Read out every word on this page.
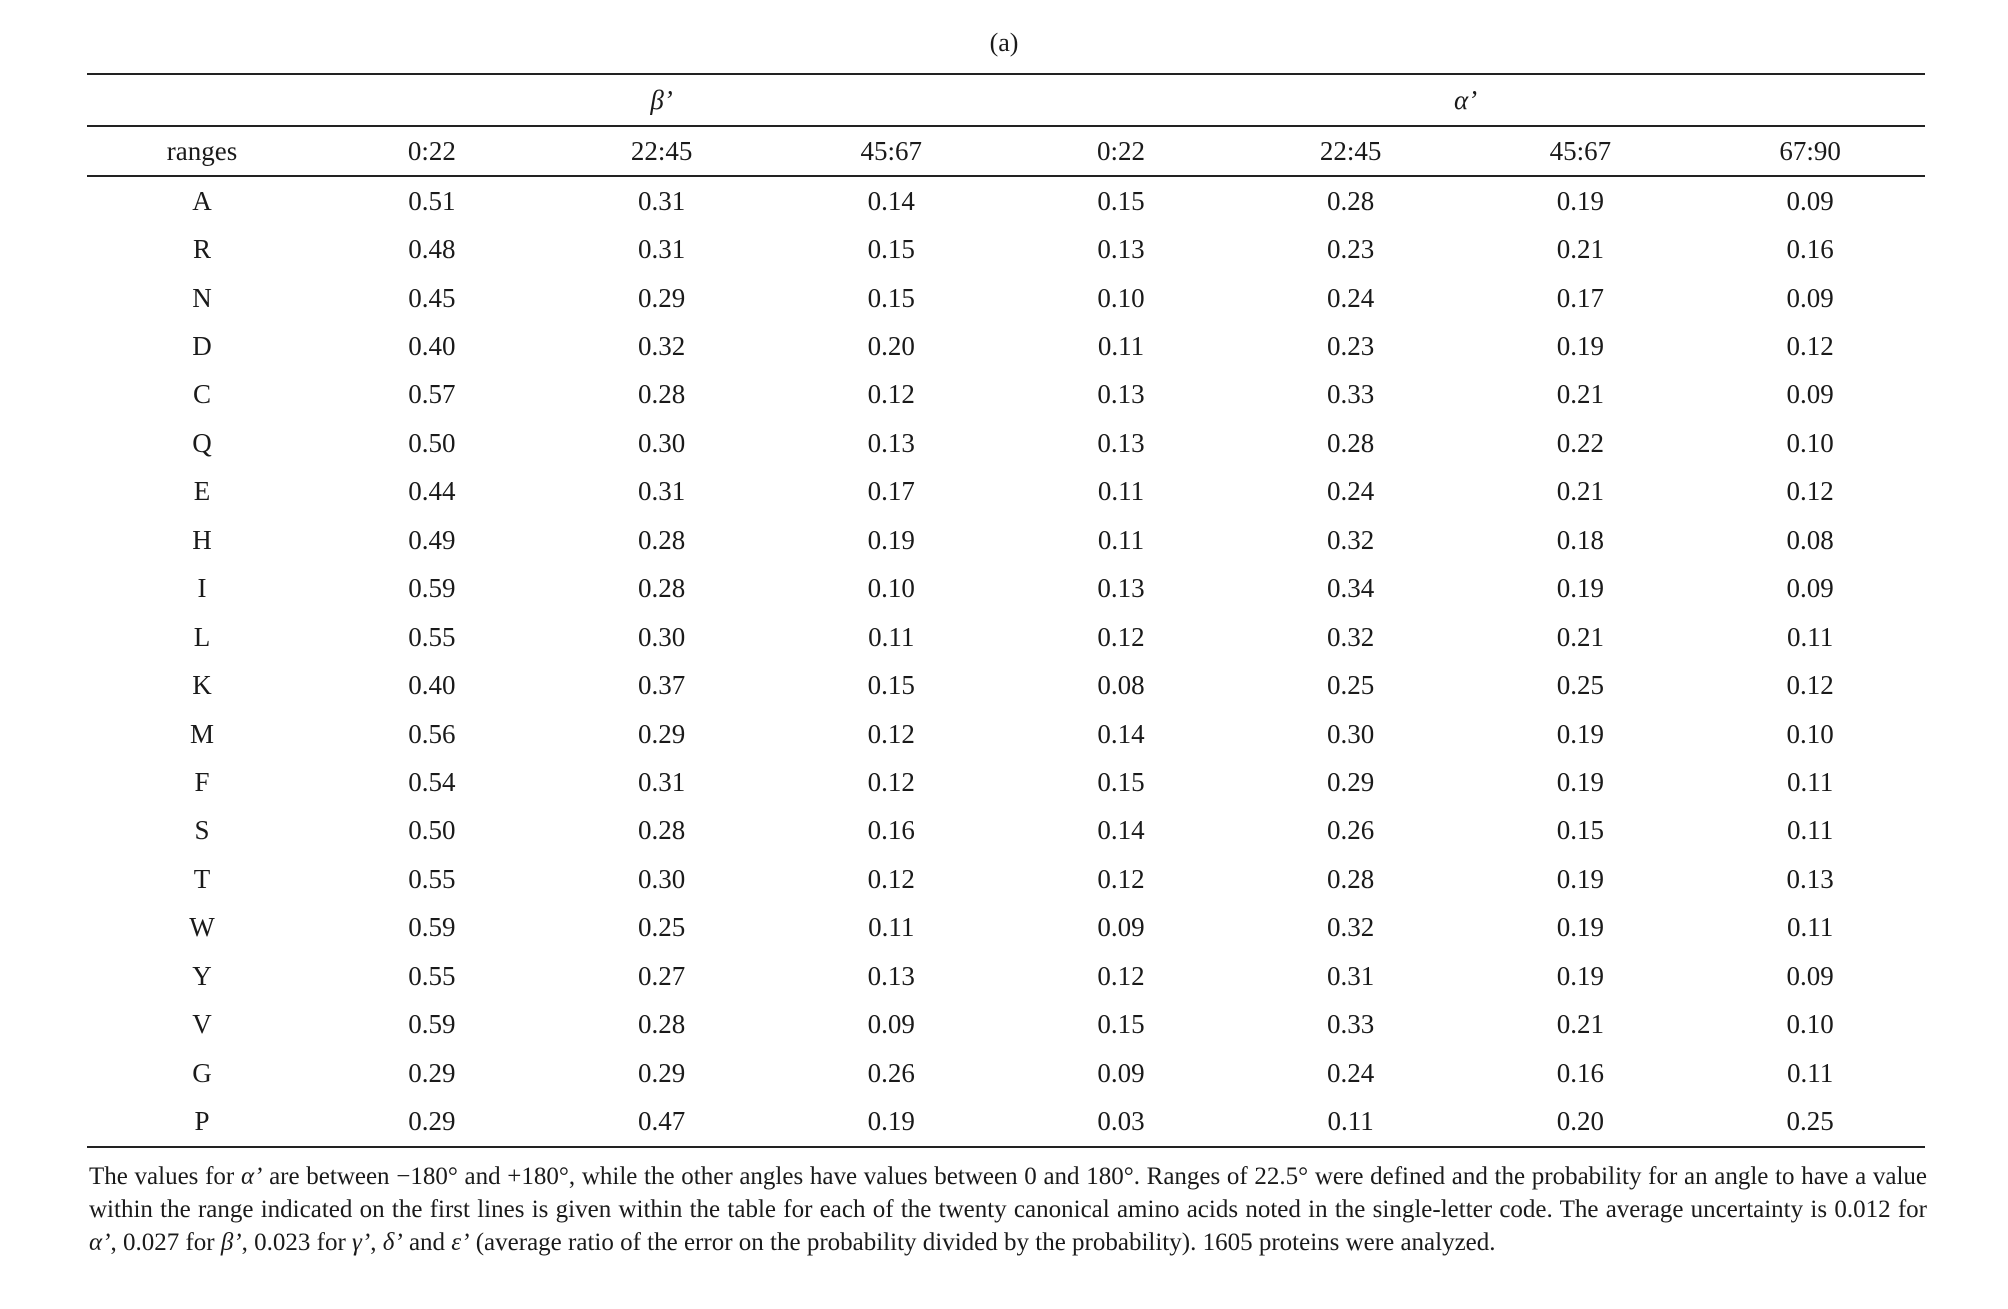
(a)
	β’			α’			
ranges	0:22	22:45	45:67	0:22	22:45	45:67	67:90
A	0.51	0.31	0.14	0.15	0.28	0.19	0.09
R	0.48	0.31	0.15	0.13	0.23	0.21	0.16
N	0.45	0.29	0.15	0.10	0.24	0.17	0.09
D	0.40	0.32	0.20	0.11	0.23	0.19	0.12
C	0.57	0.28	0.12	0.13	0.33	0.21	0.09
Q	0.50	0.30	0.13	0.13	0.28	0.22	0.10
E	0.44	0.31	0.17	0.11	0.24	0.21	0.12
H	0.49	0.28	0.19	0.11	0.32	0.18	0.08
I	0.59	0.28	0.10	0.13	0.34	0.19	0.09
L	0.55	0.30	0.11	0.12	0.32	0.21	0.11
K	0.40	0.37	0.15	0.08	0.25	0.25	0.12
M	0.56	0.29	0.12	0.14	0.30	0.19	0.10
F	0.54	0.31	0.12	0.15	0.29	0.19	0.11
S	0.50	0.28	0.16	0.14	0.26	0.15	0.11
T	0.55	0.30	0.12	0.12	0.28	0.19	0.13
W	0.59	0.25	0.11	0.09	0.32	0.19	0.11
Y	0.55	0.27	0.13	0.12	0.31	0.19	0.09
V	0.59	0.28	0.09	0.15	0.33	0.21	0.10
G	0.29	0.29	0.26	0.09	0.24	0.16	0.11
P	0.29	0.47	0.19	0.03	0.11	0.20	0.25
The values for α’ are between −180° and +180°, while the other angles have values between 0 and 180°. Ranges of 22.5° were defined and the probability for an angle to have a value within the range indicated on the first lines is given within the table for each of the twenty canonical amino acids noted in the single-letter code. The average uncertainty is 0.012 for α’, 0.027 for β’, 0.023 for γ’, δ’ and ε’ (average ratio of the error on the probability divided by the probability). 1605 proteins were analyzed.
